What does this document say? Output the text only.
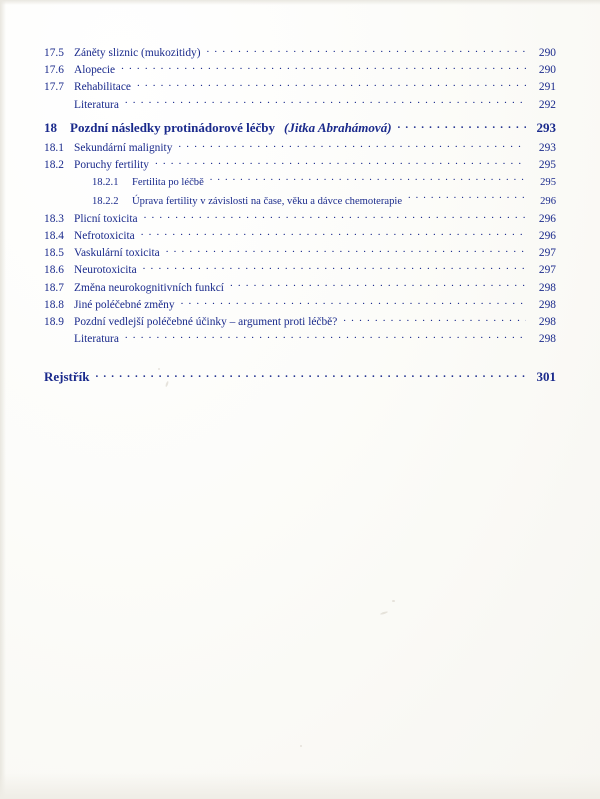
17.5 Záněty sliznic (mukozitidy) . . .	290
17.6 Alopecie . . .	290
17.7 Rehabilitace . . .	291
Literatura . . .	292
18	Pozdní následky protinádorové léčby (Jitka Abrahámová) . . .	293
18.1 Sekundární malignity . . .	293
18.2 Poruchy fertility . . .	295
18.2.1	Fertilita po léčbě . . .	295
18.2.2	Úprava fertility v závislosti na čase, věku a dávce chemoterapie . . .	296
18.3 Plicní toxicita . . .	296
18.4 Nefrotoxicita . . .	296
18.5 Vaskulární toxicita . . .	297
18.6 Neurotoxicita . . .	297
18.7 Změna neurokognitivních funkcí . . .	298
18.8 Jiné poléčebné změny . . .	298
18.9 Pozdní vedlejší poléčebné účinky – argument proti léčbě? . . .	298
Literatura . . .	298
Rejstřík . . .	301
